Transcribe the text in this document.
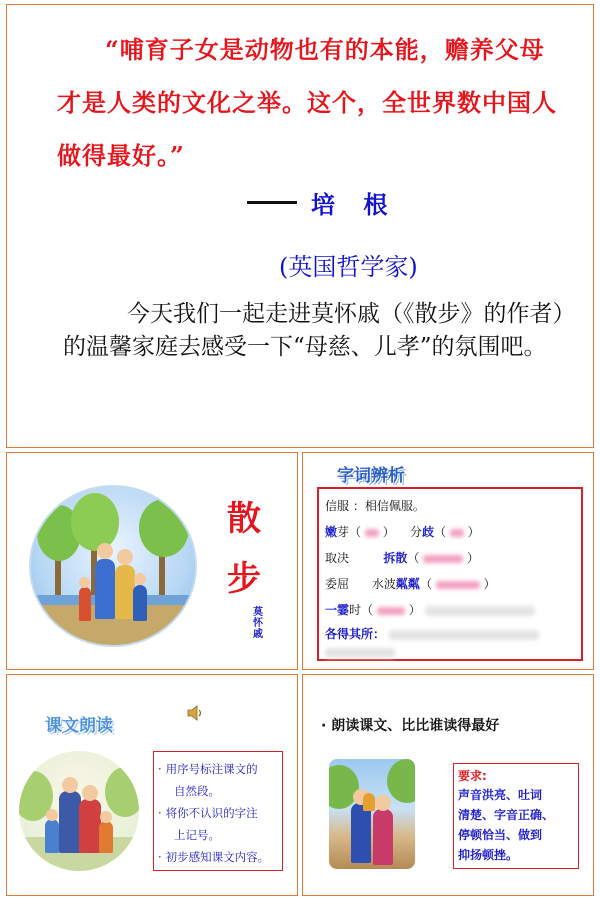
“哺育子女是动物也有的本能，赡养父母才是人类的文化之举。这个，全世界数中国人做得最好。”
培 根
(英国哲学家)
今天我们一起走进莫怀戚（《散步》的作者）的温馨家庭去感受一下“母慈、儿孝”的氛围吧。
散
步
莫怀戚
字词辨析
信服 ：相信佩服。
嫩芽（ ） 分歧（ ）
取决	拆散（	）
委屈 水波粼粼（	）
一霎时（	）
各得其所：
课文朗读
· 用序号标注课文的
自然段。
· 将你不认识的字注
上记号。
· 初步感知课文内容。
· 朗读课文、比比谁读得最好
要求:
声音洪亮、吐词
清楚、字音正确、
停顿恰当、做到
抑扬顿挫。
